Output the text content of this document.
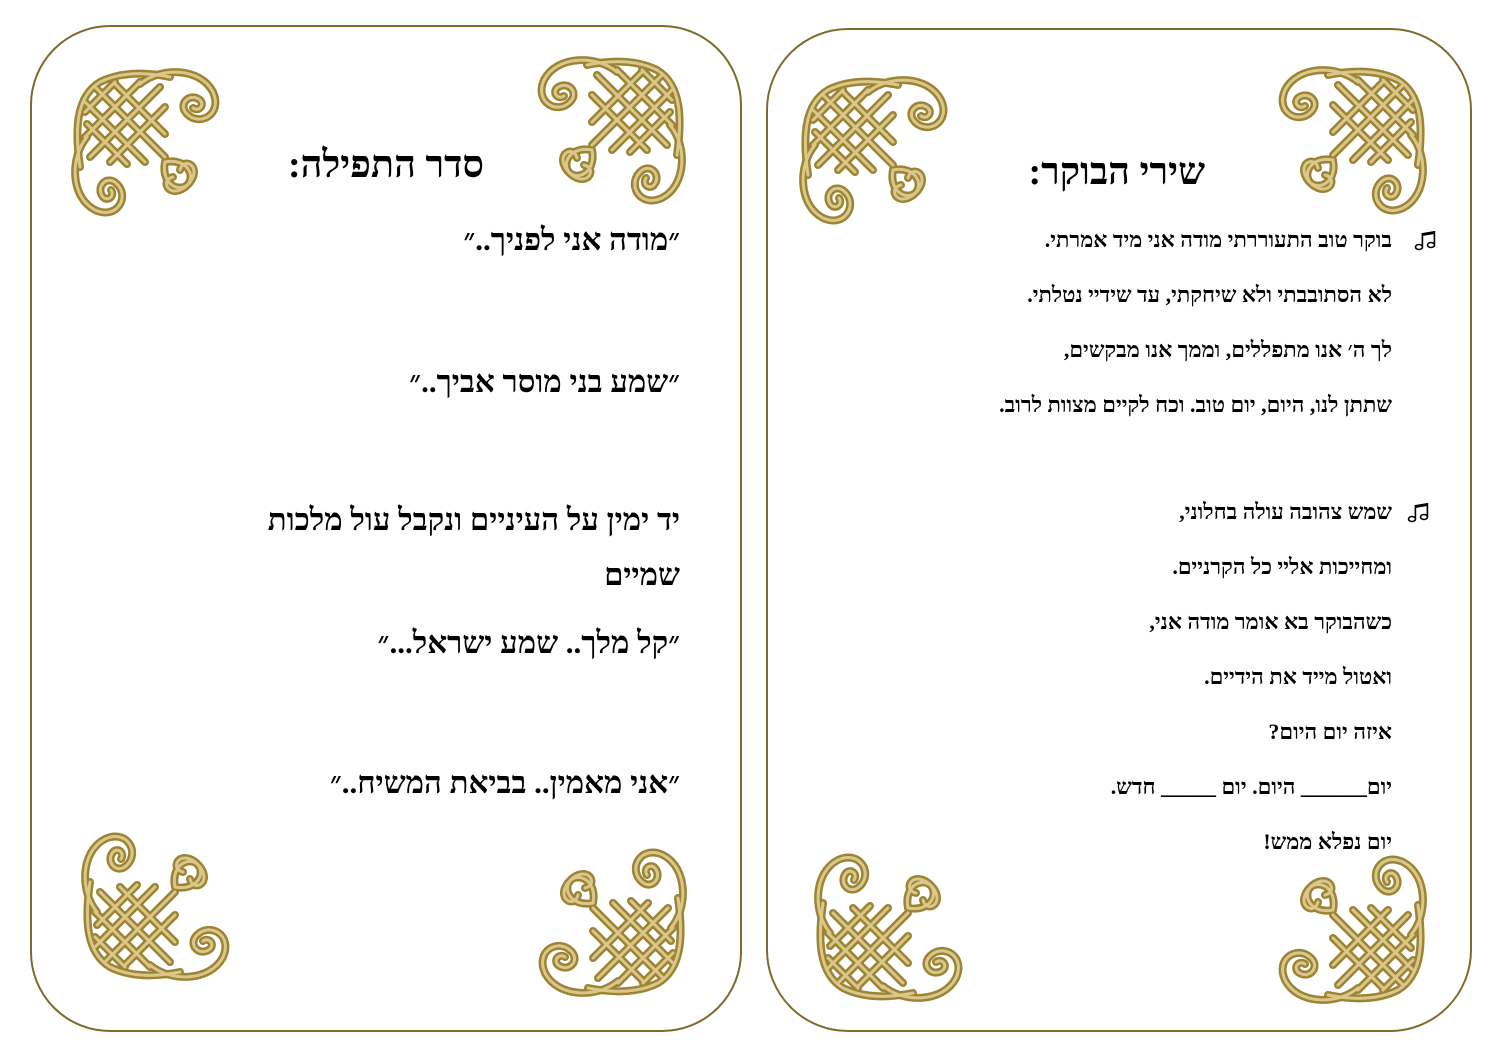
סדר התפילה:
״מודה אני לפניך..״
״שמע בני מוסר אביך..״
יד ימין על העיניים ונקבל עול מלכות
שמיים
״קל מלך.. שמע ישראל...״
״אני מאמין.. בביאת המשיח..״
שירי הבוקר:
בוקר טוב התעוררתי מודה אני מיד אמרתי.
לא הסתובבתי ולא שיחקתי, עד שידיי נטלתי.
לך ה׳ אנו מתפללים, וממך אנו מבקשים,
שתתן לנו, היום, יום טוב. וכח לקיים מצוות לרוב.
שמש צהובה עולה בחלוני,
ומחייכות אליי כל הקרניים.
כשהבוקר בא אומר מודה אני,
ואטול מייד את הידיים.
איזה יום היום?
יום______ היום. יום _____ חדש.
יום נפלא ממש!
